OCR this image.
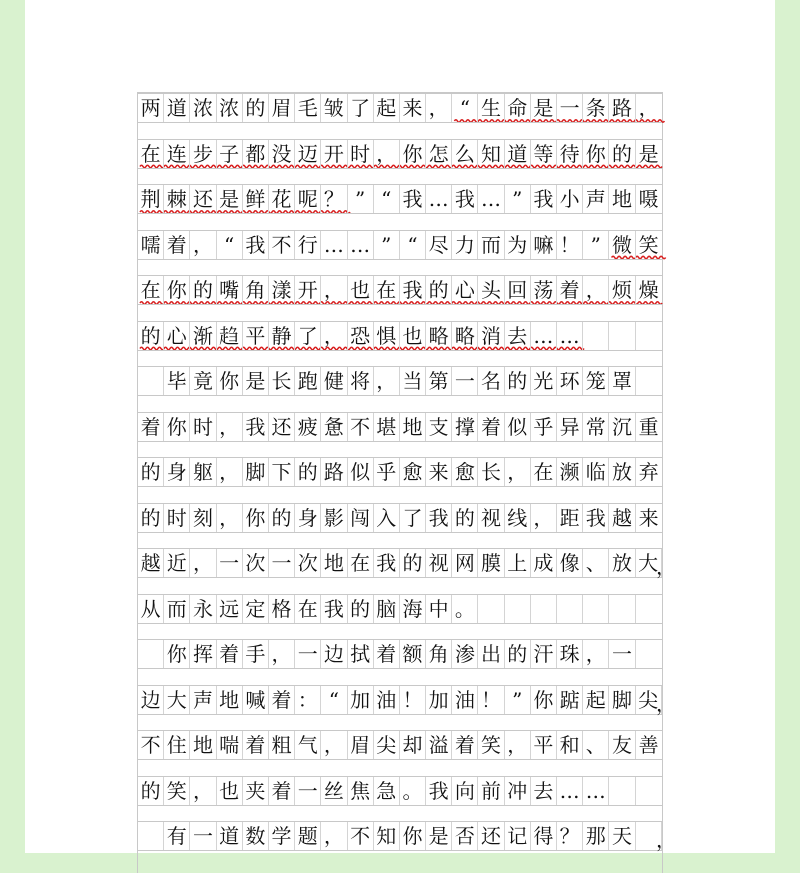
两 道 浓 浓 的 眉 毛 皱 了 起 来 ， “ 生 命 是 一 条 路 ，
在 连 步 子 都 没 迈 开 时 ， 你 怎 么 知 道 等 待 你 的 是
荆 棘 还 是 鲜 花 呢 ？ ” “ 我 … 我 … ” 我 小 声 地 嗫
嚅 着 ， “ 我 不 行 … … ” “ 尽 力 而 为 嘛 ！ ” 微 笑
在 你 的 嘴 角 漾 开 ， 也 在 我 的 心 头 回 荡 着 ， 烦 燥
的 心 渐 趋 平 静 了 ， 恐 惧 也 略 略 消 去 … …

毕 竟 你 是 长 跑 健 将 ， 当 第 一 名 的 光 环 笼 罩
着 你 时 ， 我 还 疲 惫 不 堪 地 支 撑 着 似 乎 异 常 沉 重
的 身 躯 ， 脚 下 的 路 似 乎 愈 来 愈 长 ， 在 濒 临 放 弃
的 时 刻 ， 你 的 身 影 闯 入 了 我 的 视 线 ， 距 我 越 来
越 近 ， 一 次 一 次 地 在 我 的 视 网 膜 上 成 像 、 放 大
，
从 而 永 远 定 格 在 我 的 脑 海 中 。

你 挥 着 手 ， 一 边 拭 着 额 角 渗 出 的 汗 珠 ， 一
边 大 声 地 喊 着 ： “ 加 油 ！ 加 油 ！ ” 你 踮 起 脚 尖
，
不 住 地 喘 着 粗 气 ， 眉 尖 却 溢 着 笑 ， 平 和 、 友 善
的 笑 ， 也 夹 着 一 丝 焦 急 。 我 向 前 冲 去 … …

有 一 道 数 学 题 ， 不 知 你 是 否 还 记 得 ？ 那 天 ，
